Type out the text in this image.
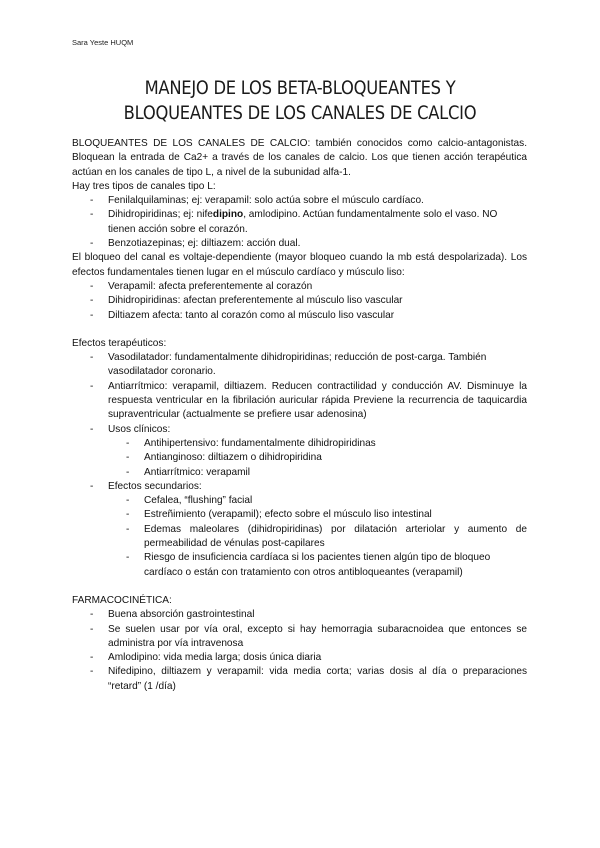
Sara Yeste HUQM
MANEJO DE LOS BETA-BLOQUEANTES Y BLOQUEANTES DE LOS CANALES DE CALCIO

BLOQUEANTES DE LOS CANALES DE CALCIO: también conocidos como calcio-antagonistas. Bloquean la entrada de Ca2+ a través de los canales de calcio. Los que tienen acción terapéutica actúan en los canales de tipo L, a nivel de la subunidad alfa-1.

Hay tres tipos de canales tipo L:

- Fenilalquilaminas; ej: verapamil: solo actúa sobre el músculo cardíaco.
- Dihidropiridinas; ej: nifedipino, amlodipino. Actúan fundamentalmente solo el vaso. NO tienen acción sobre el corazón.
- Benzotiazepinas; ej: diltiazem: acción dual.

El bloqueo del canal es voltaje-dependiente (mayor bloqueo cuando la mb está despolarizada). Los efectos fundamentales tienen lugar en el músculo cardíaco y músculo liso:

- Verapamil: afecta preferentemente al corazón
- Dihidropiridinas: afectan preferentemente al músculo liso vascular
- Diltiazem afecta: tanto al corazón como al músculo liso vascular

Efectos terapéuticos:

- Vasodilatador: fundamentalmente dihidropiridinas; reducción de post-carga. También vasodilatador coronario.
- Antiarrítmico: verapamil, diltiazem. Reducen contractilidad y conducción AV. Disminuye la respuesta ventricular en la fibrilación auricular rápida Previene la recurrencia de taquicardia supraventricular (actualmente se prefiere usar adenosina)
- Usos clínicos:
- Antihipertensivo: fundamentalmente dihidropiridinas
- Antianginoso: diltiazem o dihidropiridina
- Antiarrítmico: verapamil
- Efectos secundarios:
- Cefalea, “flushing” facial
- Estreñimiento (verapamil); efecto sobre el músculo liso intestinal
- Edemas maleolares (dihidropiridinas) por dilatación arteriolar y aumento de permeabilidad de vénulas post-capilares
- Riesgo de insuficiencia cardíaca si los pacientes tienen algún tipo de bloqueo cardíaco o están con tratamiento con otros antibloqueantes (verapamil)

FARMACOCINÉTICA:

- Buena absorción gastrointestinal
- Se suelen usar por vía oral, excepto si hay hemorragia subaracnoidea que entonces se administra por vía intravenosa
- Amlodipino: vida media larga; dosis única diaria
- Nifedipino, diltiazem y verapamil: vida media corta; varias dosis al día o preparaciones “retard” (1 /día)
